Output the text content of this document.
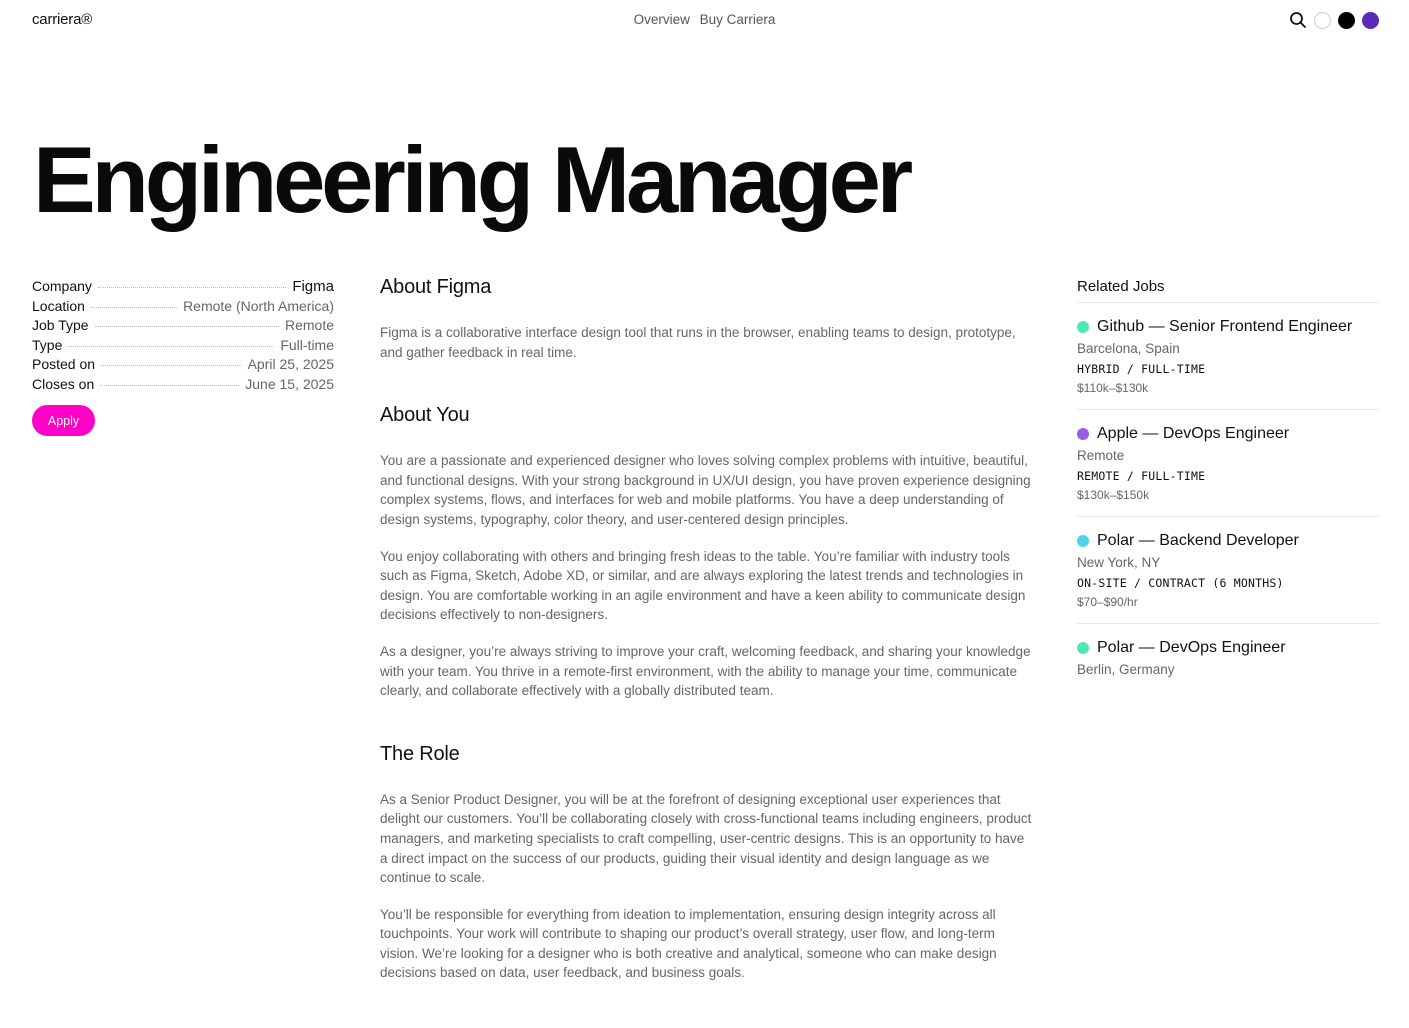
carriera®	Overview Buy Carriera
Engineering Manager
Company	Figma
Location	Remote (North America)
Job Type	Remote
Type	Full-time
Posted on	April 25, 2025
Closes on	June 15, 2025
Apply
About Figma

Figma is a collaborative interface design tool that runs in the browser, enabling teams to design, prototype, and gather feedback in real time.

About You

You are a passionate and experienced designer who loves solving complex problems with intuitive, beautiful, and functional designs. With your strong background in UX/UI design, you have proven experience designing complex systems, flows, and interfaces for web and mobile platforms. You have a deep understanding of design systems, typography, color theory, and user-centered design principles.

You enjoy collaborating with others and bringing fresh ideas to the table. You’re familiar with industry tools such as Figma, Sketch, Adobe XD, or similar, and are always exploring the latest trends and technologies in design. You are comfortable working in an agile environment and have a keen ability to communicate design decisions effectively to non-designers.

As a designer, you’re always striving to improve your craft, welcoming feedback, and sharing your knowledge with your team. You thrive in a remote-first environment, with the ability to manage your time, communicate clearly, and collaborate effectively with a globally distributed team.

The Role

As a Senior Product Designer, you will be at the forefront of designing exceptional user experiences that delight our customers. You’ll be collaborating closely with cross-functional teams including engineers, product managers, and marketing specialists to craft compelling, user-centric designs. This is an opportunity to have a direct impact on the success of our products, guiding their visual identity and design language as we continue to scale.

You’ll be responsible for everything from ideation to implementation, ensuring design integrity across all touchpoints. Your work will contribute to shaping our product’s overall strategy, user flow, and long-term vision. We’re looking for a designer who is both creative and analytical, someone who can make design decisions based on data, user feedback, and business goals.

Related Jobs
Github — Senior Frontend Engineer
Barcelona, Spain
HYBRID / FULL-TIME
$110k–$130k
Apple — DevOps Engineer
Remote
REMOTE / FULL-TIME
$130k–$150k
Polar — Backend Developer
New York, NY
ON-SITE / CONTRACT (6 MONTHS)
$70–$90/hr
Polar — DevOps Engineer
Berlin, Germany
